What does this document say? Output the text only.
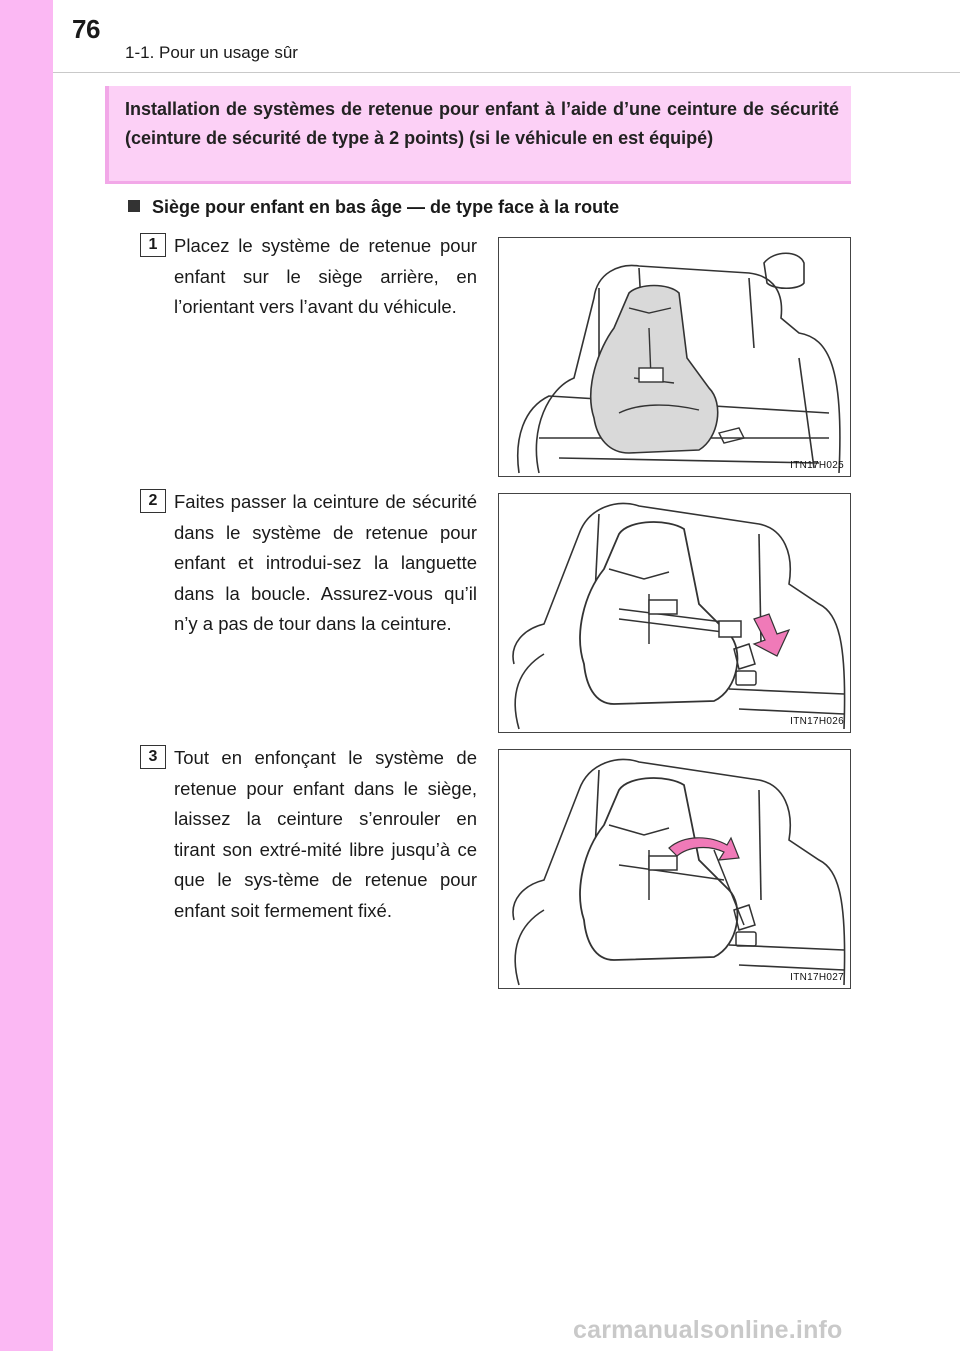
76
1-1. Pour un usage sûr
Installation de systèmes de retenue pour enfant à l’aide d’une ceinture de sécurité (ceinture de sécurité de type à 2 points) (si le véhicule en est équipé)
Siège pour enfant en bas âge — de type face à la route
1 Placez le système de retenue pour enfant sur le siège arrière, en l’orientant vers l’avant du véhicule.
ITN17H025
2 Faites passer la ceinture de sécurité dans le système de retenue pour enfant et introdui-sez la languette dans la boucle. Assurez-vous qu’il n’y a pas de tour dans la ceinture.
ITN17H026
3 Tout en enfonçant le système de retenue pour enfant dans le siège, laissez la ceinture s’enrouler en tirant son extré-mité libre jusqu’à ce que le sys-tème de retenue pour enfant soit fermement fixé.
ITN17H027
carmanualsonline.info
